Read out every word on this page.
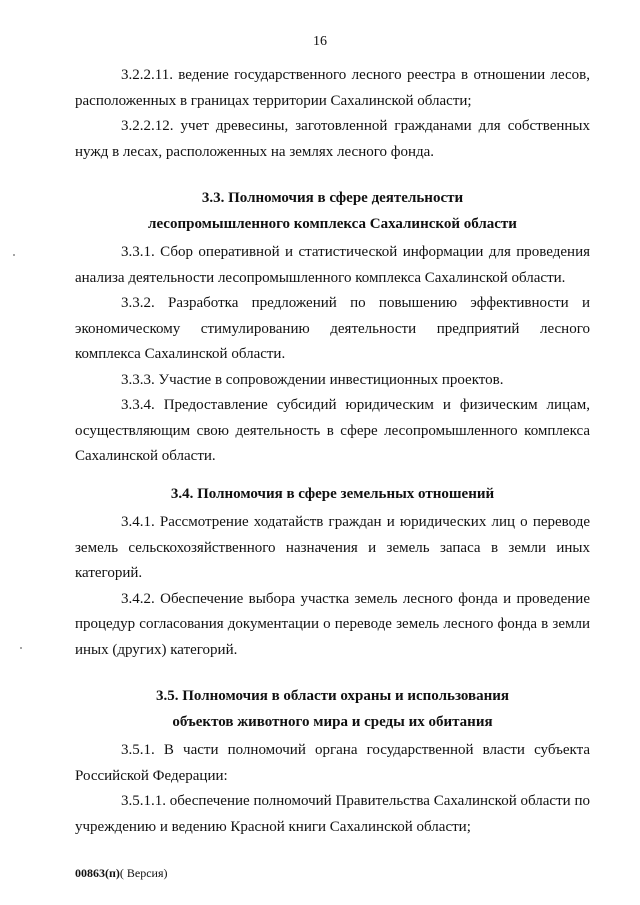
16

3.2.2.11. ведение государственного лесного реестра в отношении лесов, расположенных в границах территории Сахалинской области;

3.2.2.12. учет древесины, заготовленной гражданами для собственных нужд в лесах, расположенных на землях лесного фонда.

3.3. Полномочия в сфере деятельности
лесопромышленного комплекса Сахалинской области

3.3.1. Сбор оперативной и статистической информации для проведения анализа деятельности лесопромышленного комплекса Сахалинской области.

3.3.2. Разработка предложений по повышению эффективности и экономическому стимулированию деятельности предприятий лесного комплекса Сахалинской области.

3.3.3. Участие в сопровождении инвестиционных проектов.

3.3.4. Предоставление субсидий юридическим и физическим лицам, осуществляющим свою деятельность в сфере лесопромышленного комплекса Сахалинской области.

3.4. Полномочия в сфере земельных отношений

3.4.1. Рассмотрение ходатайств граждан и юридических лиц о переводе земель сельскохозяйственного назначения и земель запаса в земли иных категорий.

3.4.2. Обеспечение выбора участка земель лесного фонда и проведение процедур согласования документации о переводе земель лесного фонда в земли иных (других) категорий.

3.5. Полномочия в области охраны и использования
объектов животного мира и среды их обитания

3.5.1. В части полномочий органа государственной власти субъекта Российской Федерации:

3.5.1.1. обеспечение полномочий Правительства Сахалинской области по учреждению и ведению Красной книги Сахалинской области;

00863(п)( Версия)
